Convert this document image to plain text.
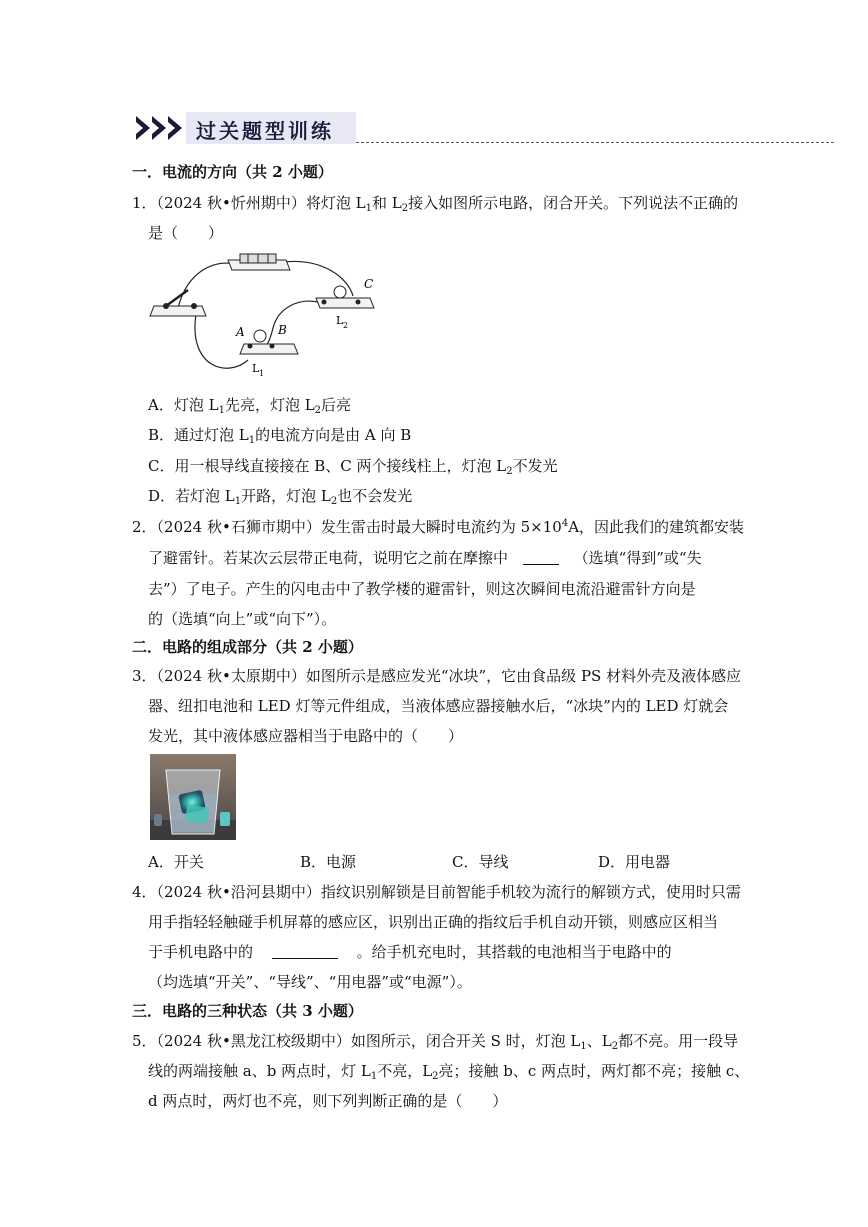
过关题型训练
一．电流的方向（共 2 小题）
1．（2024 秋•忻州期中）将灯泡 $L_1$和 $L_2$接入如图所示电路，闭合开关。下列说法不正确的
是（　　）
A	B
C
L 2
L 1
A．灯泡 $L_1$先亮，灯泡 $L_2$后亮
B．通过灯泡 $L_1$的电流方向是由 A 向 B
C．用一根导线直接接在 B、C 两个接线柱上，灯泡 $L_2$不发光
D．若灯泡 $L_1$开路，灯泡 $L_2$也不会发光
2．（2024 秋•石狮市期中）发生雷击时最大瞬时电流约为 $5\times 10^4A$，因此我们的建筑都安装
了避雷针。若某次云层带正电荷，说明它之前在摩擦中	（选填“得到”或“失
去”）了电子。产生的闪电击中了教学楼的避雷针，则这次瞬间电流沿避雷针方向是
的（选填“向上”或“向下”）。
二．电路的组成部分（共 2 小题）
3．（2024 秋•太原期中）如图所示是感应发光“冰块”，它由食品级 PS 材料外壳及液体感应
器、纽扣电池和 LED 灯等元件组成，当液体感应器接触水后，“冰块”内的 LED 灯就会
发光，其中液体感应器相当于电路中的（　　）
A．开关	B．电源	C．导线	D．用电器
4．（2024 秋•沿河县期中）指纹识别解锁是目前智能手机较为流行的解锁方式，使用时只需
用手指轻轻触碰手机屏幕的感应区，识别出正确的指纹后手机自动开锁，则感应区相当
于手机电路中的	。给手机充电时，其搭载的电池相当于电路中的
（均选填“开关”、“导线”、“用电器”或“电源”）。
三．电路的三种状态（共 3 小题）
5．（2024 秋•黑龙江校级期中）如图所示，闭合开关 S 时，灯泡 $L_1$、$L_2$都不亮。用一段导
线的两端接触 a、b 两点时，灯 $L_1$不亮，$L_2$亮；接触 b、c 两点时，两灯都不亮；接触 c、
d 两点时，两灯也不亮，则下列判断正确的是（　　）
